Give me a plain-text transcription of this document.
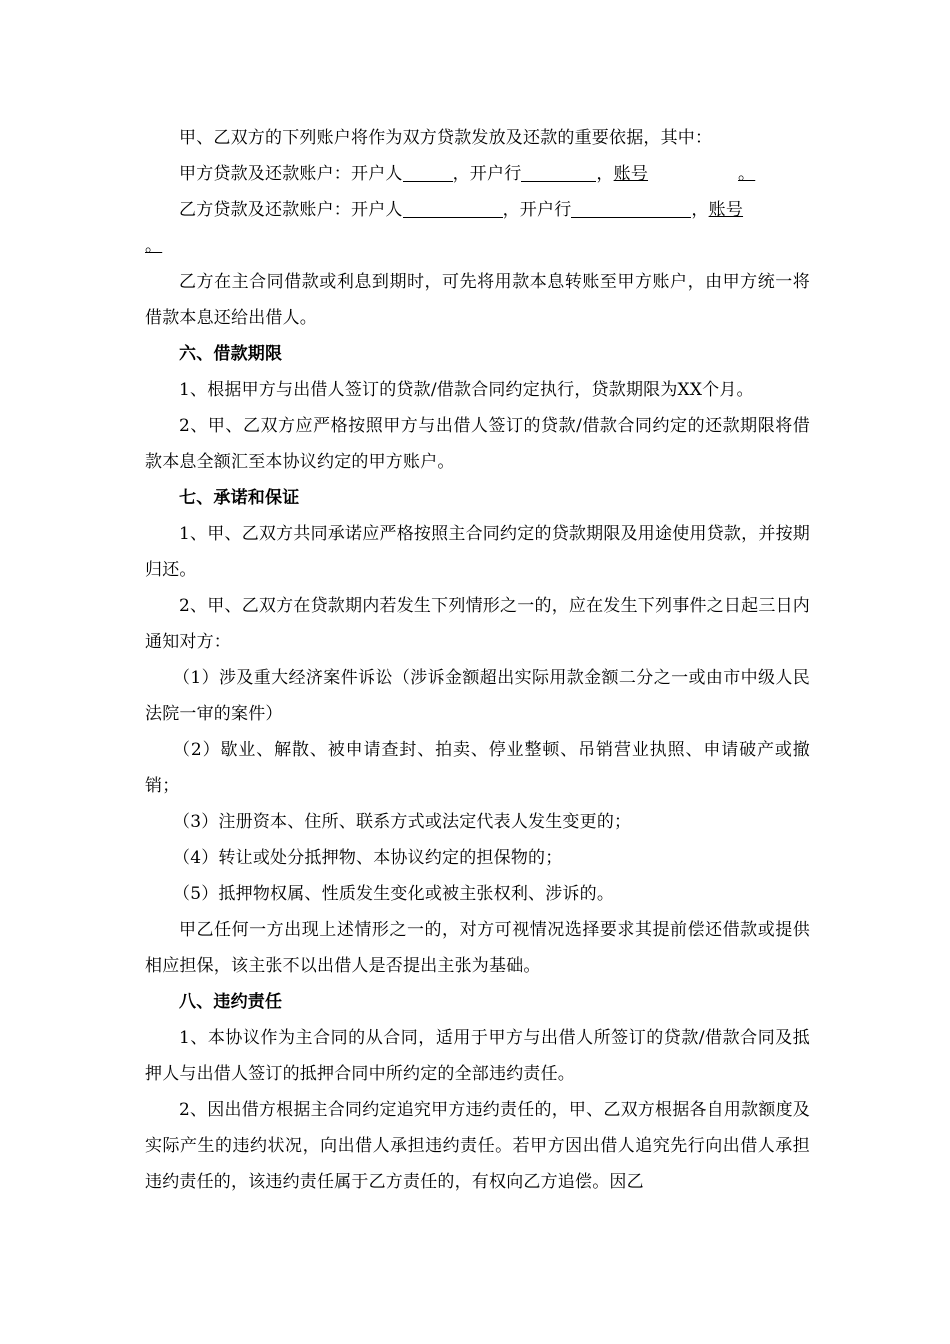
甲、乙双方的下列账户将作为双方贷款发放及还款的重要依据，其中：

甲方贷款及还款账户：开户人	，开户行	，账号	。

乙方贷款及还款账户：开户人	，开户行	，账号

。

乙方在主合同借款或利息到期时，可先将用款本息转账至甲方账户，由甲方统一将借款本息还给出借人。

六、借款期限

1、根据甲方与出借人签订的贷款/借款合同约定执行，贷款期限为XX个月。

2、甲、乙双方应严格按照甲方与出借人签订的贷款/借款合同约定的还款期限将借款本息全额汇至本协议约定的甲方账户。

七、承诺和保证

1、甲、乙双方共同承诺应严格按照主合同约定的贷款期限及用途使用贷款，并按期归还。

2、甲、乙双方在贷款期内若发生下列情形之一的，应在发生下列事件之日起三日内通知对方：

（1）涉及重大经济案件诉讼（涉诉金额超出实际用款金额二分之一或由市中级人民法院一审的案件）

（2）歇业、解散、被申请查封、拍卖、停业整顿、吊销营业执照、申请破产或撤销；

（3）注册资本、住所、联系方式或法定代表人发生变更的；

（4）转让或处分抵押物、本协议约定的担保物的；

（5）抵押物权属、性质发生变化或被主张权利、涉诉的。

甲乙任何一方出现上述情形之一的，对方可视情况选择要求其提前偿还借款或提供相应担保，该主张不以出借人是否提出主张为基础。

八、违约责任

1、本协议作为主合同的从合同，适用于甲方与出借人所签订的贷款/借款合同及抵押人与出借人签订的抵押合同中所约定的全部违约责任。

2、因出借方根据主合同约定追究甲方违约责任的，甲、乙双方根据各自用款额度及实际产生的违约状况，向出借人承担违约责任。若甲方因出借人追究先行向出借人承担违约责任的，该违约责任属于乙方责任的，有权向乙方追偿。因乙
